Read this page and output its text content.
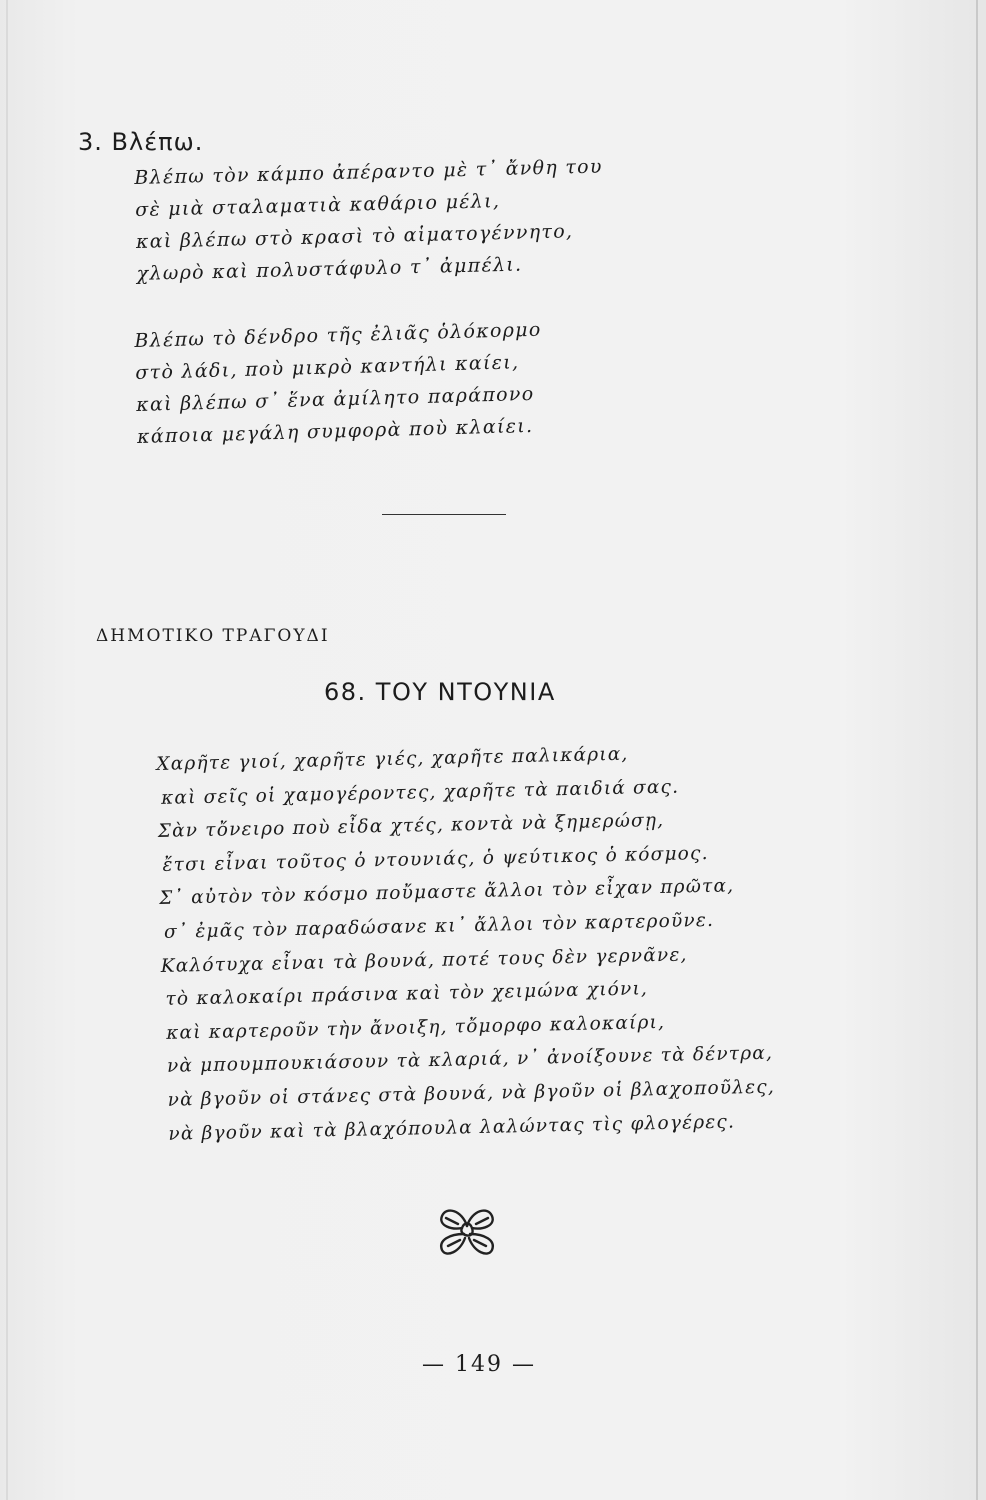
3. Βλέπω.

Βλέπω τὸν κάμπο ἀπέραντο μὲ τ᾽ ἄνθη του
σὲ μιὰ σταλαματιὰ καθάριο μέλι,
καὶ βλέπω στὸ κρασὶ τὸ αἱματογέννητο,
χλωρὸ καὶ πολυστάφυλο τ᾽ ἀμπέλι.

Βλέπω τὸ δένδρο τῆς ἐλιᾶς ὁλόκορμο
στὸ λάδι, ποὺ μικρὸ καντήλι καίει,
καὶ βλέπω σ᾽ ἕνα ἀμίλητο παράπονο
κάποια μεγάλη συμφορὰ ποὺ κλαίει.

ΔΗΜΟΤΙΚΟ ΤΡΑΓΟΥΔΙ
68. ΤΟΥ ΝΤΟΥΝΙΑ

Χαρῆτε γιοί, χαρῆτε γιές, χαρῆτε παλικάρια,
καὶ σεῖς οἱ χαμογέροντες, χαρῆτε τὰ παιδιά σας.
Σὰν τὄνειρο ποὺ εἶδα χτές, κοντὰ νὰ ξημερώσῃ,
ἔτσι εἶναι τοῦτος ὁ ντουνιάς, ὁ ψεύτικος ὁ κόσμος.
Σ᾽ αὐτὸν τὸν κόσμο ποὔμαστε ἄλλοι τὸν εἶχαν πρῶτα,
σ᾽ ἐμᾶς τὸν παραδώσανε κι᾽ ἄλλοι τὸν καρτεροῦνε.
Καλότυχα εἶναι τὰ βουνά, ποτέ τους δὲν γερνᾶνε,
τὸ καλοκαίρι πράσινα καὶ τὸν χειμώνα χιόνι,
καὶ καρτεροῦν τὴν ἄνοιξη, τὄμορφο καλοκαίρι,
νὰ μπουμπουκιάσουν τὰ κλαριά, ν᾽ ἀνοίξουνε τὰ δέντρα,
νὰ βγοῦν οἱ στάνες στὰ βουνά, νὰ βγοῦν οἱ βλαχοποῦλες,
νὰ βγοῦν καὶ τὰ βλαχόπουλα λαλώντας τὶς φλογέρες.

— 149 —
